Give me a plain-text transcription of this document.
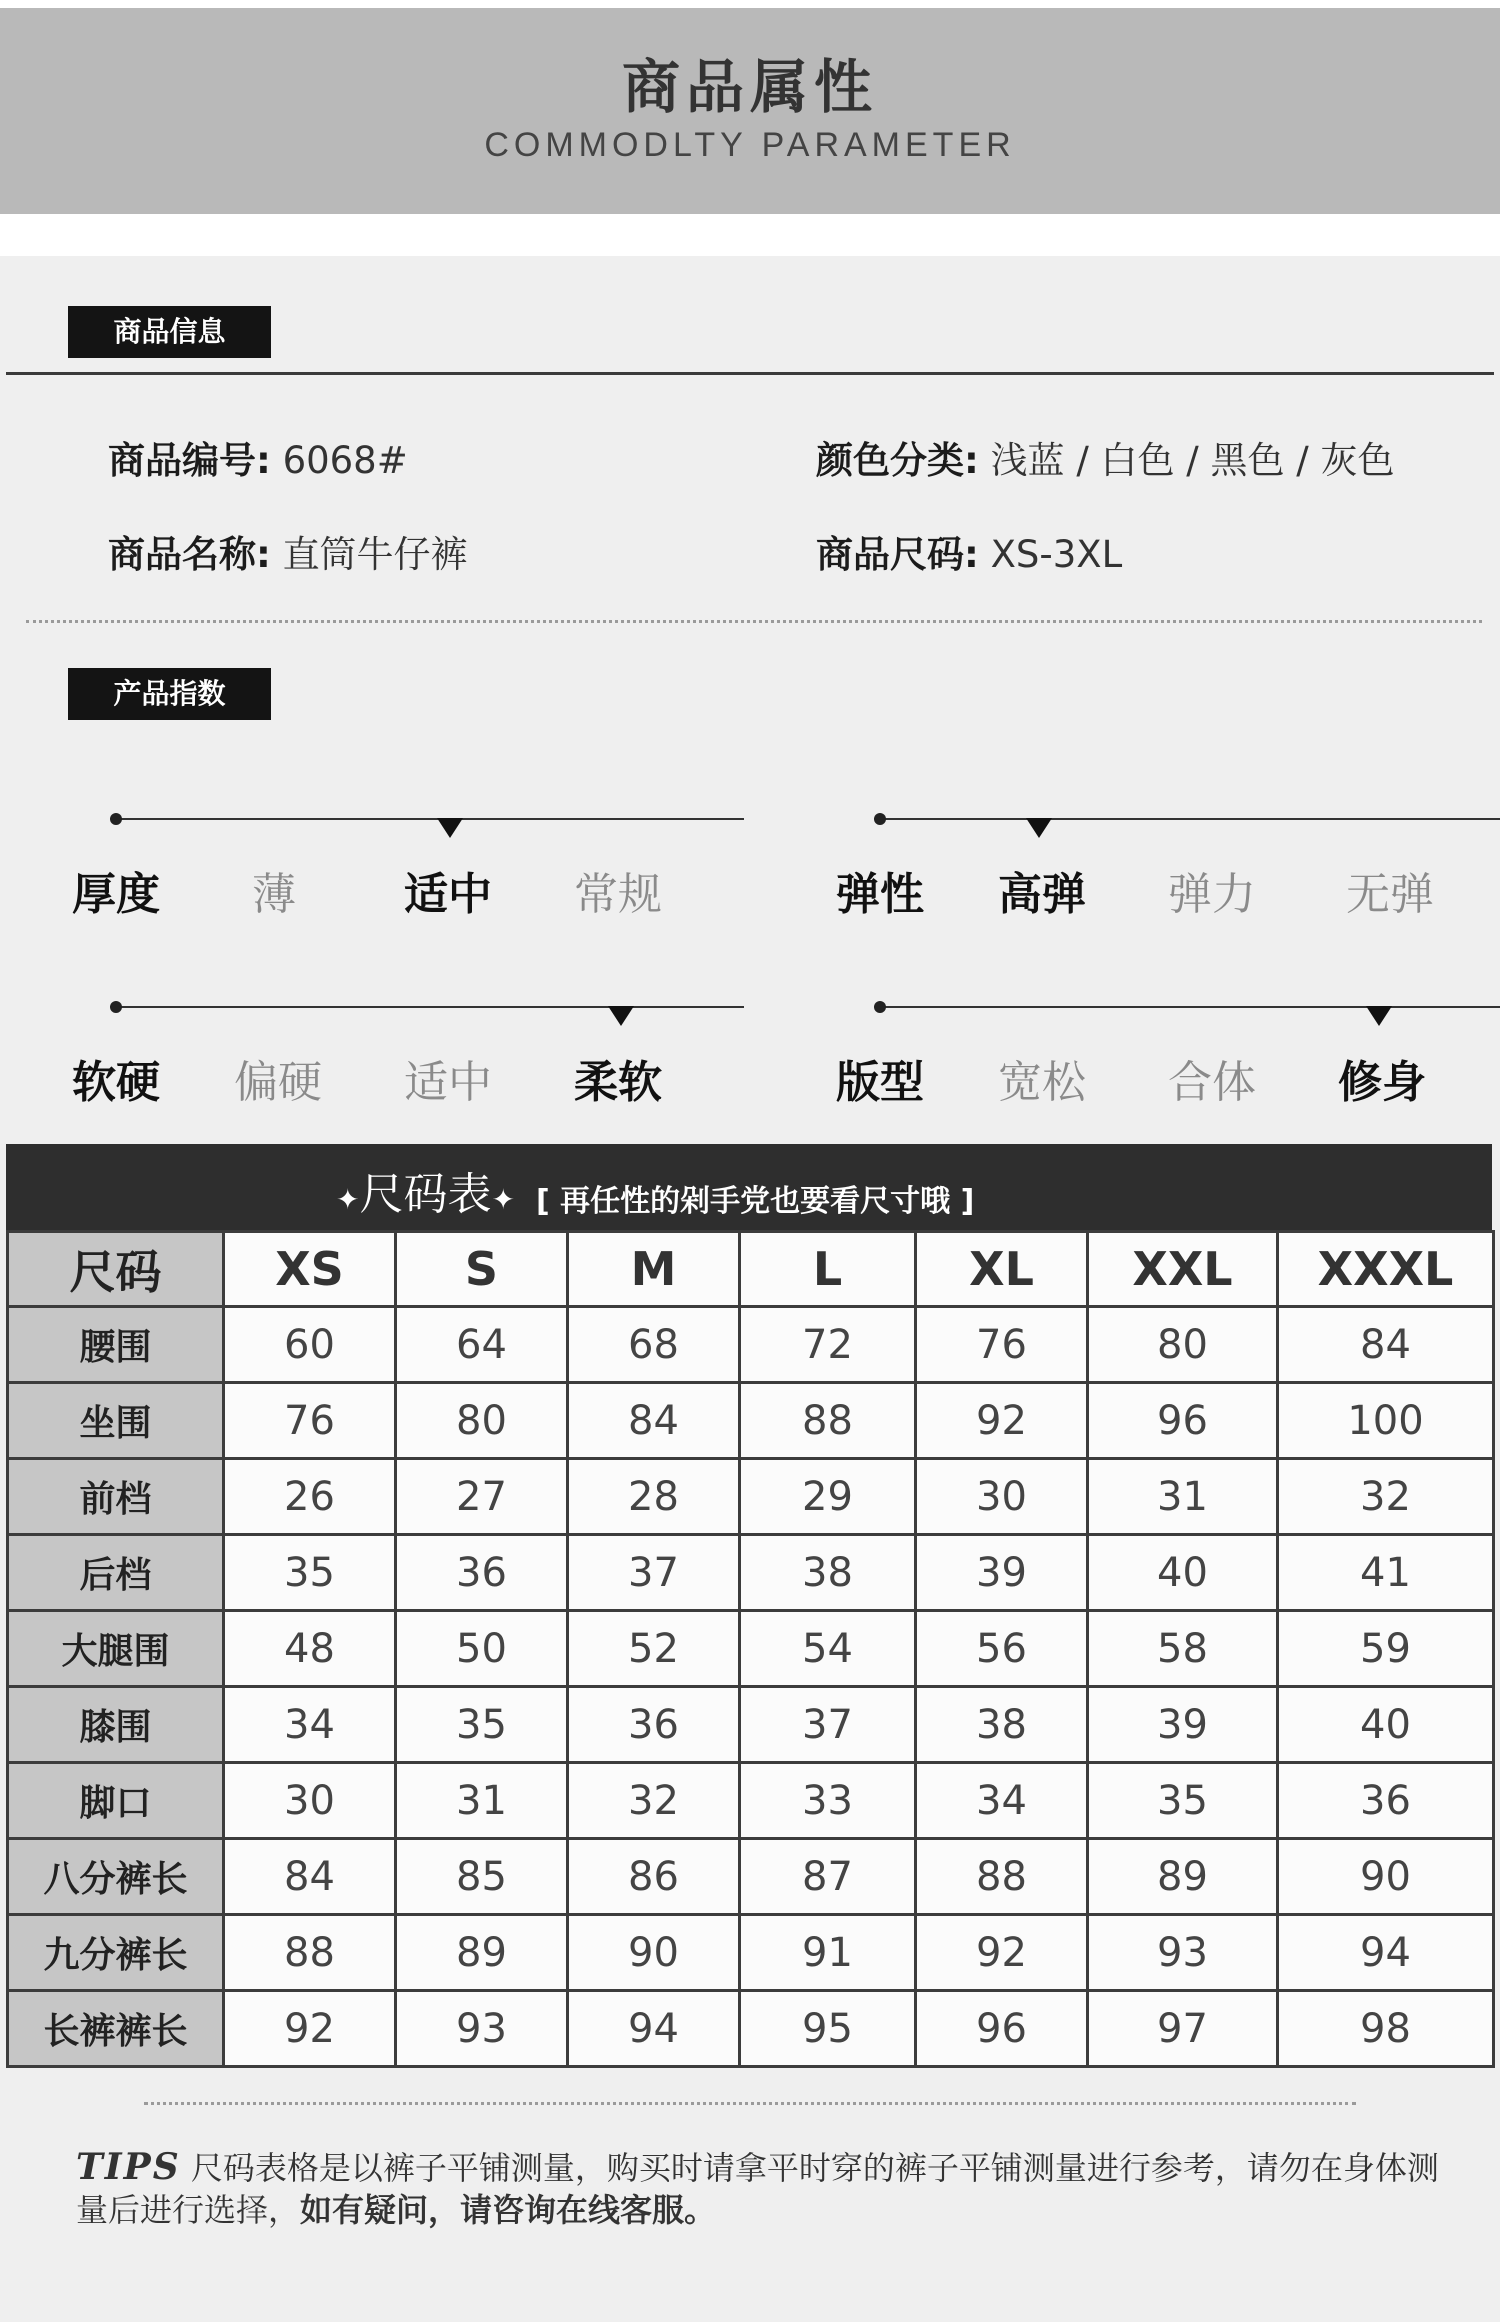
商品属性
COMMODLTY PARAMETER
商品信息
商品编号: 6068#	颜色分类: 浅蓝 / 白色 / 黑色 / 灰色
商品名称: 直筒牛仔裤	商品尺码: XS-3XL
产品指数
厚度 薄 适中 常规	弹性 高弹 弹力 无弹
软硬 偏硬 适中 柔软	版型 宽松 合体 修身
✦尺码表✦ [ 再任性的剁手党也要看尺寸哦 ]
尺码	XS	S	M	L	XL	XXL	XXXL
腰围	60	64	68	72	76	80	84
坐围	76	80	84	88	92	96	100
前档	26	27	28	29	30	31	32
后档	35	36	37	38	39	40	41
大腿围	48	50	52	54	56	58	59
膝围	34	35	36	37	38	39	40
脚口	30	31	32	33	34	35	36
八分裤长	84	85	86	87	88	89	90
九分裤长	88	89	90	91	92	93	94
长裤裤长	92	93	94	95	96	97	98
TIPS 尺码表格是以裤子平铺测量，购买时请拿平时穿的裤子平铺测量进行参考，请勿在身体测量后进行选择，如有疑问，请咨询在线客服。
